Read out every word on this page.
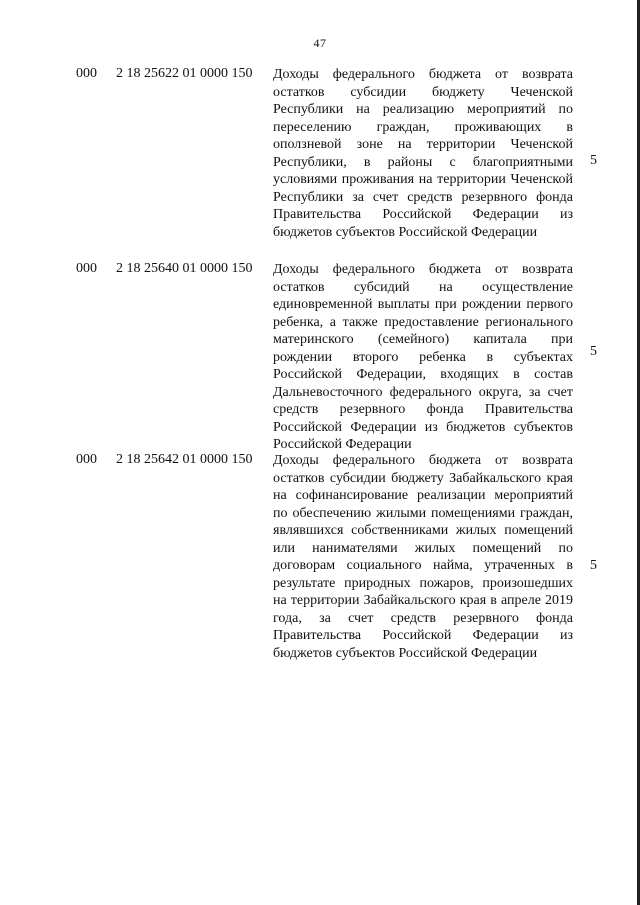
47
000 2 18 25622 01 0000 150 Доходы федерального бюджета от возврата остатков субсидии бюджету Чеченской Республики на реализацию мероприятий по переселению граждан, проживающих в оползневой зоне на территории Чеченской Республики, в районы с благоприятными условиями проживания на территории Чеченской Республики за счет средств резервного фонда Правительства Российской Федерации из бюджетов субъектов Российской Федерации
5
000 2 18 25640 01 0000 150 Доходы федерального бюджета от возврата остатков субсидий на осуществление единовременной выплаты при рождении первого ребенка, а также предоставление регионального материнского (семейного) капитала при рождении второго ребенка в субъектах Российской Федерации, входящих в состав Дальневосточного федерального округа, за счет средств резервного фонда Правительства Российской Федерации из бюджетов субъектов Российской Федерации
5
000 2 18 25642 01 0000 150 Доходы федерального бюджета от возврата остатков субсидии бюджету Забайкальского края на софинансирование реализации мероприятий по обеспечению жилыми помещениями граждан, являвшихся собственниками жилых помещений или нанимателями жилых помещений по договорам социального найма, утраченных в результате природных пожаров, произошедших на территории Забайкальского края в апреле 2019 года, за счет средств резервного фонда Правительства Российской Федерации из бюджетов субъектов Российской Федерации
5
